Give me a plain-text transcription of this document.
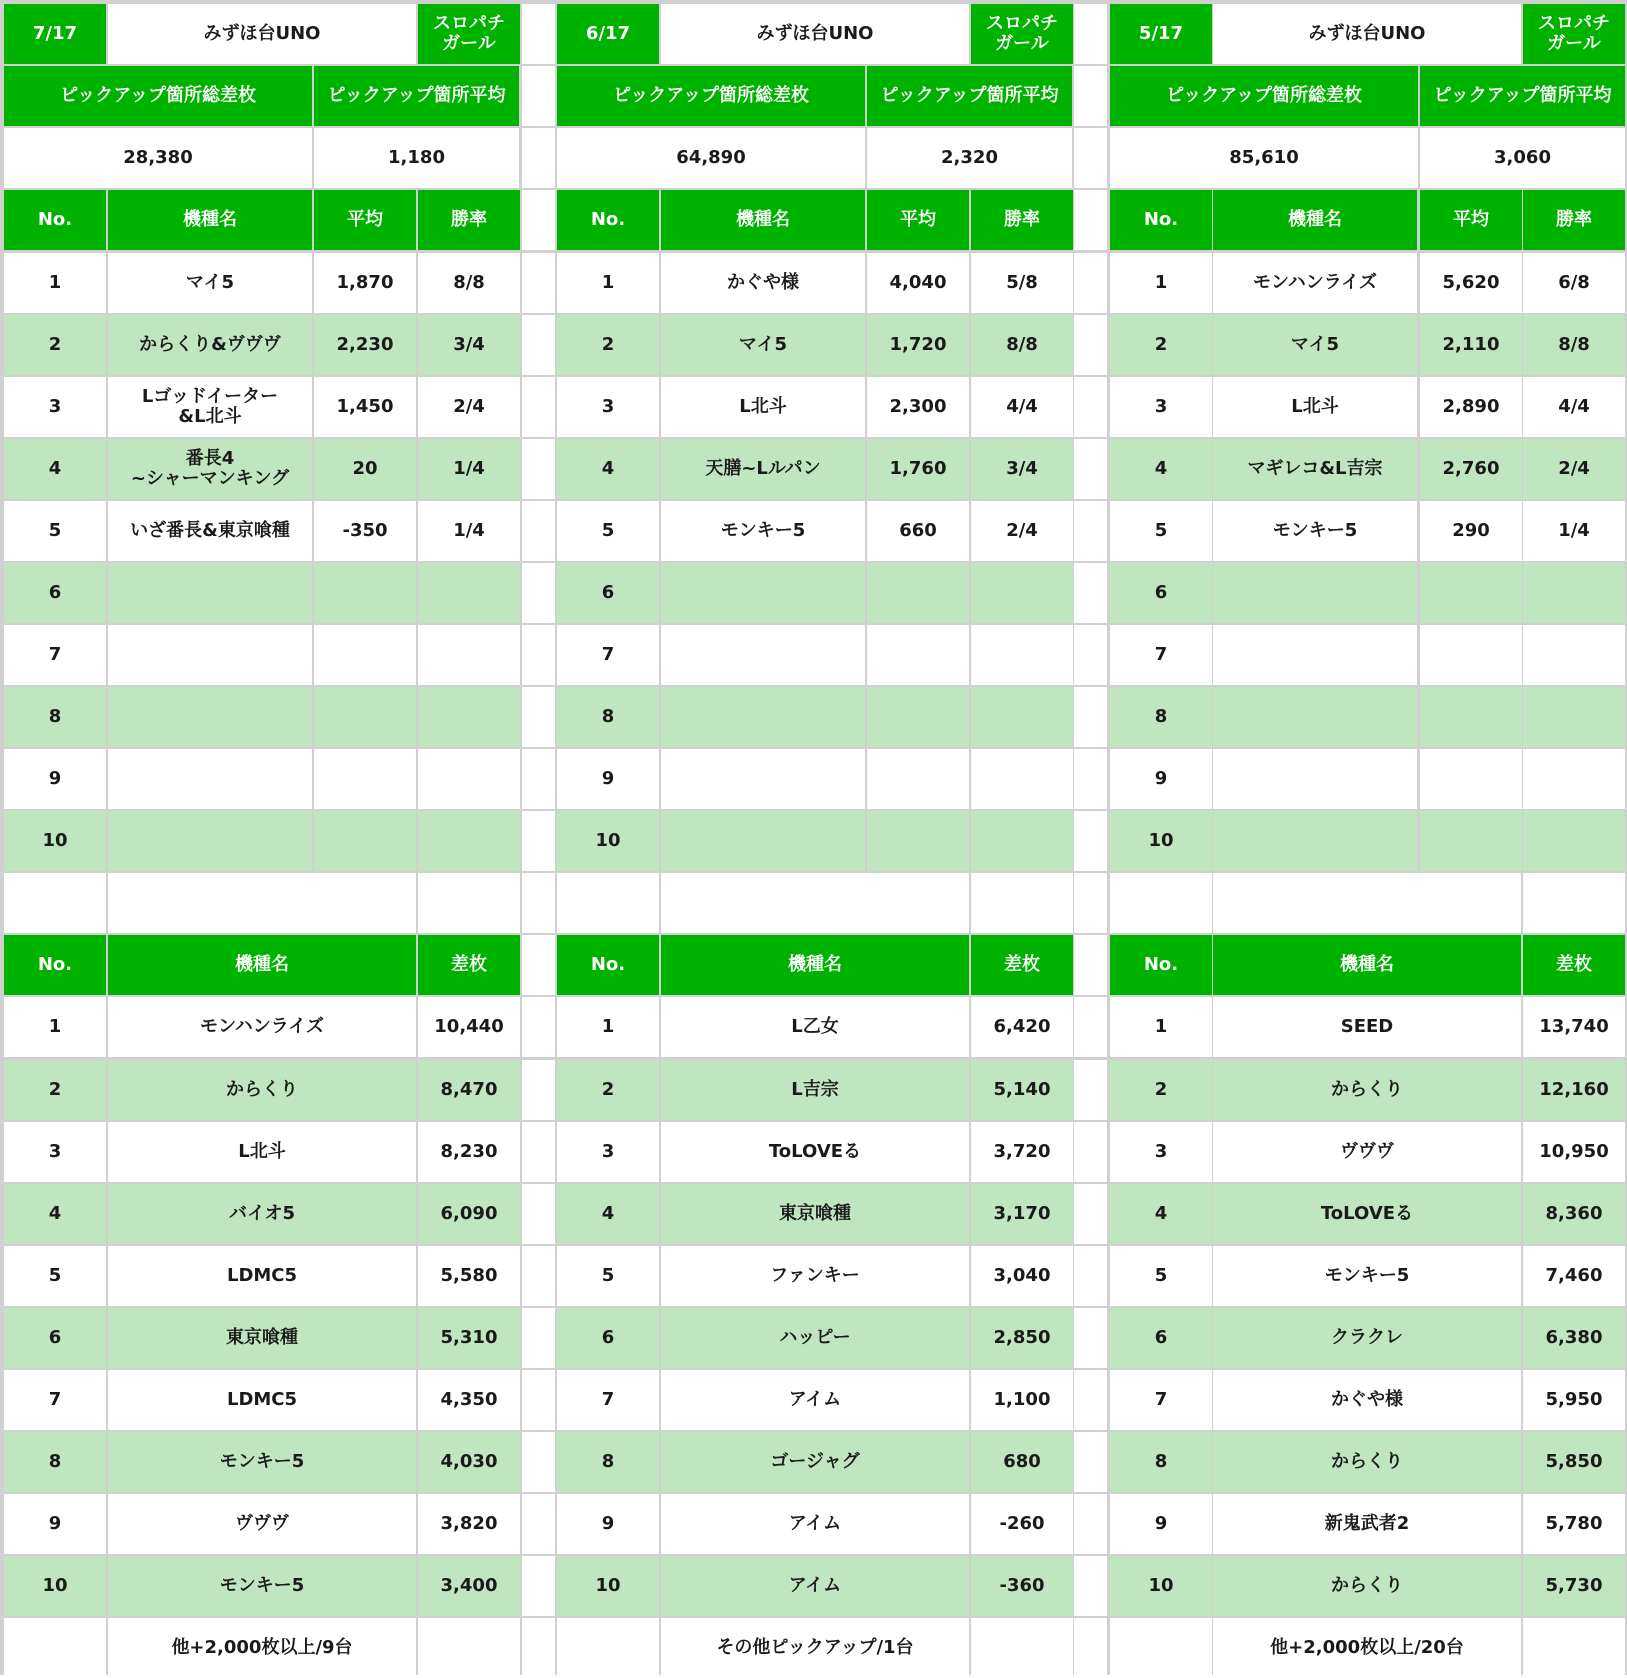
7/17	みずほ台UNO	スロパチ
ガール
ピックアップ箇所総差枚	ピックアップ箇所平均
28,380	1,180
No.	機種名	平均	勝率
1	マイ5	1,870	8/8
2	からくり&ヴヴヴ	2,230	3/4
3	Lゴッドイーター
&L北斗	1,450	2/4
4	番長4
~シャーマンキング	20	1/4
5	いざ番長&東京喰種	-350	1/4
6
7
8
9
10
No.	機種名	差枚
1	モンハンライズ	10,440
2	からくり	8,470
3	L北斗	8,230
4	バイオ5	6,090
5	LDMC5	5,580
6	東京喰種	5,310
7	LDMC5	4,350
8	モンキー5	4,030
9	ヴヴヴ	3,820
10	モンキー5	3,400
他+2,000枚以上/9台
6/17	みずほ台UNO	スロパチ
ガール
ピックアップ箇所総差枚	ピックアップ箇所平均
64,890	2,320
No.	機種名	平均	勝率
1	かぐや様	4,040	5/8
2	マイ5	1,720	8/8
3	L北斗	2,300	4/4
4	天膳~Lルパン	1,760	3/4
5	モンキー5	660	2/4
6
7
8
9
10
No.	機種名	差枚
1	L乙女	6,420
2	L吉宗	5,140
3	ToLOVEる	3,720
4	東京喰種	3,170
5	ファンキー	3,040
6	ハッピー	2,850
7	アイム	1,100
8	ゴージャグ	680
9	アイム	-260
10	アイム	-360
その他ピックアップ/1台
5/17	みずほ台UNO	スロパチ
ガール
ピックアップ箇所総差枚	ピックアップ箇所平均
85,610	3,060
No.	機種名	平均	勝率
1	モンハンライズ	5,620	6/8
2	マイ5	2,110	8/8
3	L北斗	2,890	4/4
4	マギレコ&L吉宗	2,760	2/4
5	モンキー5	290	1/4
6
7
8
9
10
No.	機種名	差枚
1	SEED	13,740
2	からくり	12,160
3	ヴヴヴ	10,950
4	ToLOVEる	8,360
5	モンキー5	7,460
6	クラクレ	6,380
7	かぐや様	5,950
8	からくり	5,850
9	新鬼武者2	5,780
10	からくり	5,730
他+2,000枚以上/20台
